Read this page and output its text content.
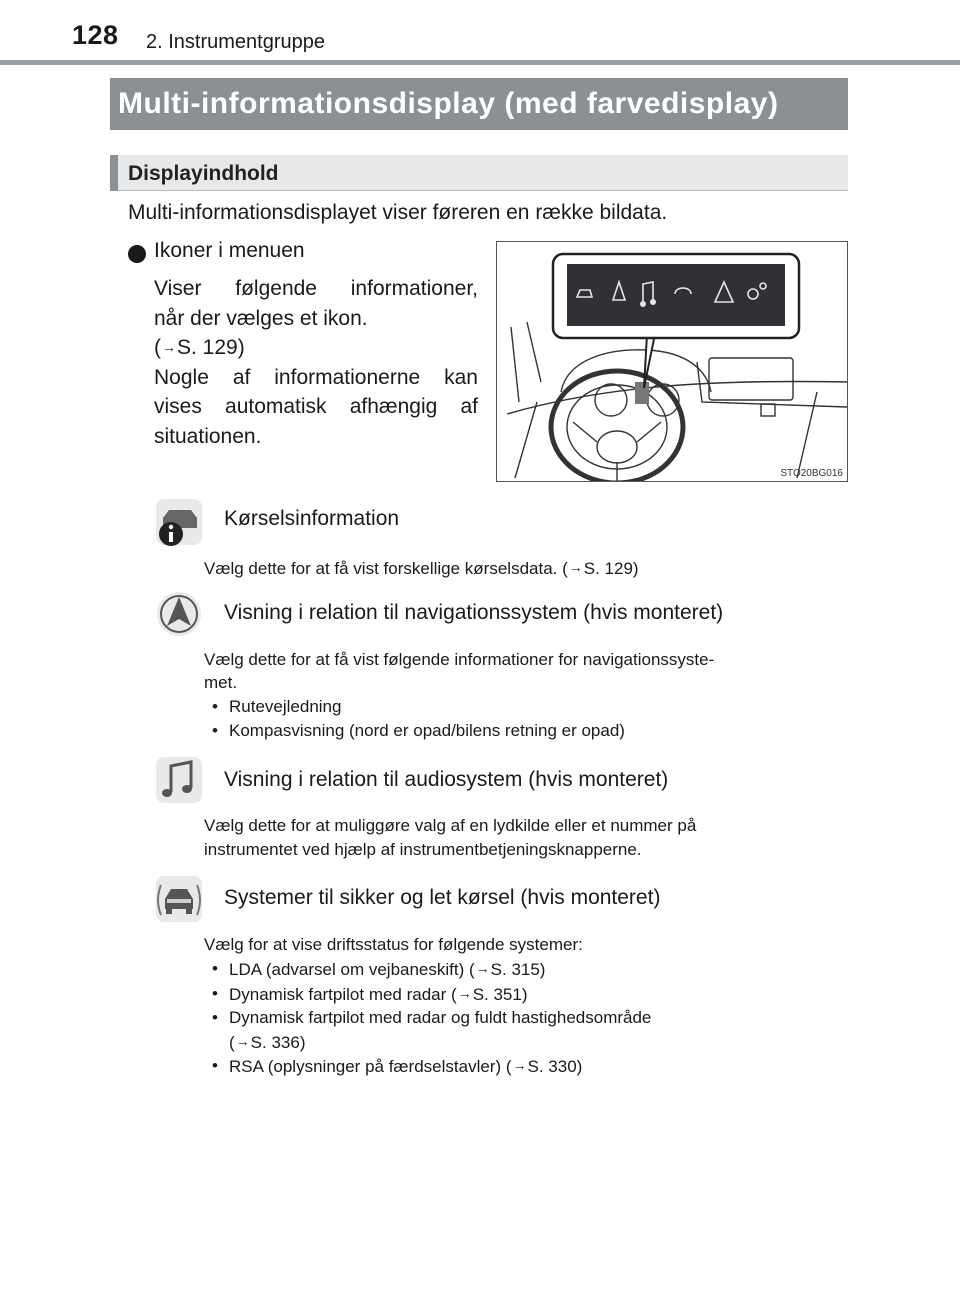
128 2. Instrumentgruppe
Multi-informationsdisplay (med farvedisplay)
Displayindhold
Multi-informationsdisplayet viser føreren en række bildata.
Ikoner i menuen
Viser følgende informationer,
når der vælges et ikon.
(→S. 129)
Nogle af informationerne kan
vises automatisk afhængig af
situationen.
STO20BG016
Kørselsinformation
Vælg dette for at få vist forskellige kørselsdata. (→S. 129)
Visning i relation til navigationssystem (hvis monteret)
Vælg dette for at få vist følgende informationer for navigationssyste-
met.
• Rutevejledning
• Kompasvisning (nord er opad/bilens retning er opad)
Visning i relation til audiosystem (hvis monteret)
Vælg dette for at muliggøre valg af en lydkilde eller et nummer på
instrumentet ved hjælp af instrumentbetjeningsknapperne.
Systemer til sikker og let kørsel (hvis monteret)
Vælg for at vise driftsstatus for følgende systemer:
• LDA (advarsel om vejbaneskift) (→S. 315)
• Dynamisk fartpilot med radar (→S. 351)
• Dynamisk fartpilot med radar og fuldt hastighedsområde
(→S. 336)
• RSA (oplysninger på færdselstavler) (→S. 330)
